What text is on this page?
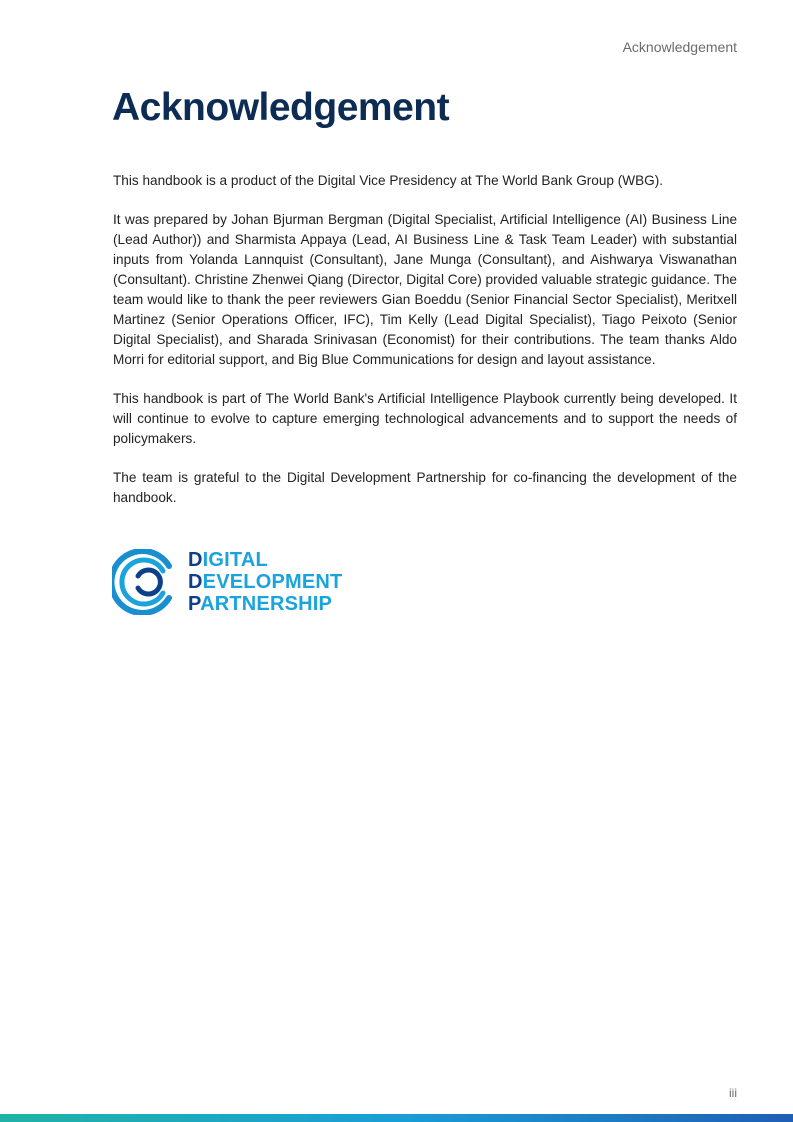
Acknowledgement
Acknowledgement

This handbook is a product of the Digital Vice Presidency at The World Bank Group (WBG).

It was prepared by Johan Bjurman Bergman (Digital Specialist, Artificial Intelligence (AI) Business Line (Lead Author)) and Sharmista Appaya (Lead, AI Business Line & Task Team Leader) with substantial inputs from Yolanda Lannquist (Consultant), Jane Munga (Consultant), and Aishwarya Viswanathan (Consultant). Christine Zhenwei Qiang (Director, Digital Core) provided valuable strategic guidance. The team would like to thank the peer reviewers Gian Boeddu (Senior Financial Sector Specialist), Meritxell Martinez (Senior Operations Officer, IFC), Tim Kelly (Lead Digital Specialist), Tiago Peixoto (Senior Digital Specialist), and Sharada Srinivasan (Economist) for their contributions. The team thanks Aldo Morri for editorial support, and Big Blue Communications for design and layout assistance.

This handbook is part of The World Bank's Artificial Intelligence Playbook currently being developed. It will continue to evolve to capture emerging technological advancements and to support the needs of policymakers.

The team is grateful to the Digital Development Partnership for co-financing the development of the handbook.

DIGITAL
DEVELOPMENT
PARTNERSHIP
iii
